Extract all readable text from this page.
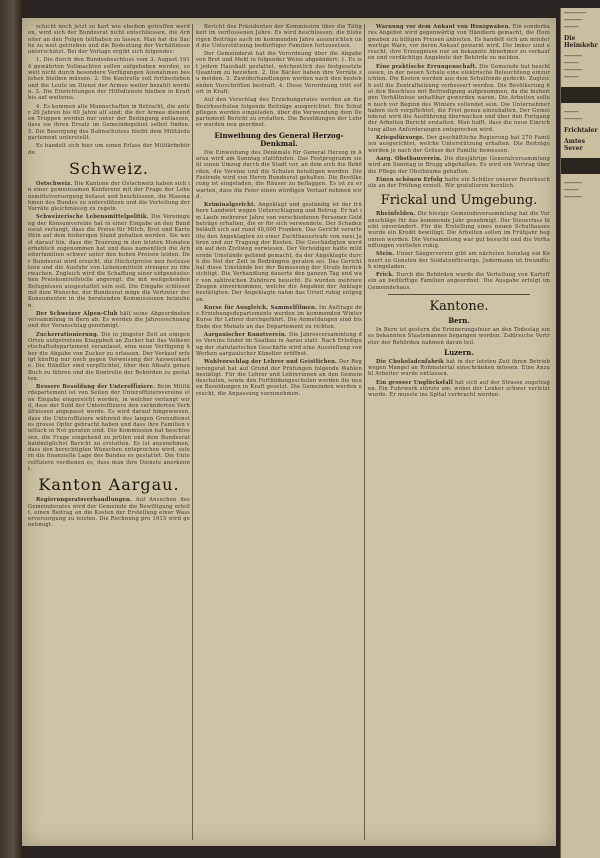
schicht noch jetzt so hart wie ehedem getroffen werden, wird sich der Bundesrat nicht entschliessen, die Arbeiter an den Folgen teilhaben zu lassen. Man hat die Sache zu weit getrieben und die Bedeutung der Verhältnisse unterschätzt. Bei der Vorlage ergibt sich folgendes:
1. Die durch den Bundesbeschluss vom 3. August 1914 gewährten Vollmachten sollen aufgehoben werden, soweit nicht durch besondere Verfügungen Ausnahmen bestehen bleiben müssen. 2. Die Kontrolle soll fortbestehen und die Leute im Dienst der Armee weiter bezahlt werden. 3. Die Einrichtungen der Hilfsdienste bleiben in Kraft bis auf weiteres.
4. Es kommen alle Mannschaften in Betracht, die unter 20 Jahren bis 60 Jahre alt sind; die der Armee dienenden Truppen werden nur unter der Bedingung entlassen, dass sie ihren Ersatz im Gemeindegebiet selbst finden. 5. Die Besorgung des Bahnschutzes bleibt dem Militärdepartement unterstellt.
Es handelt sich hier um einen Erlass der Militärbehörde.
Schweiz.
Ostschweiz. Die Kantone der Ostschweiz haben sich in einer gemeinsamen Konferenz mit der Frage der Lebensmittelversorgung befasst und beschlossen, die Massnahmen des Bundes zu unterstützen und die Verteilung der Vorräte gleichmässig zu regeln.
Schweizerische Lebensmittelpolitik. Die Vereinigung der Konsumvereine hat in einer Eingabe an den Bundesrat verlangt, dass die Preise für Milch, Brot und Kartoffeln auf dem bisherigen Stand gehalten werden. Sie weist darauf hin, dass die Teuerung in den letzten Monaten erheblich zugenommen hat und dass namentlich die Arbeiterfamilien schwer unter den hohen Preisen leiden. Der Bundesrat wird ersucht, die Höchstpreise neu festzusetzen und die Ausfuhr von Lebensmitteln strenger zu überwachen. Zugleich wird die Schaffung einer eidgenössischen Preiskontrollstelle angeregt, die mit weitgehenden Befugnissen ausgestattet sein soll. Die Eingabe schliesst mit dem Wunsche, der Bundesrat möge die Vertreter der Konsumenten in die beratenden Kommissionen beiziehen.
Der Schweizer Alpen-Club hält seine Abgeordnetenversammlung in Bern ab. Es werden die Jahresrechnung und der Voranschlag genehmigt.
Zuckerrationierung. Die in jüngster Zeit an einigen Orten aufgetretene Knappheit an Zucker hat das Volkswirtschaftsdepartement veranlasst, eine neue Verfügung über die Abgabe von Zucker zu erlassen. Der Verkauf erfolgt künftig nur noch gegen Vorweisung der Ausweiskarte. Die Händler sind verpflichtet, über den Absatz genau Buch zu führen und die Kontrolle der Behörden zu gestatten.
Bessere Besoldung der Unteroffiziere. Beim Militärdepartement ist von Seiten der Unteroffiziersvereine eine Eingabe eingereicht worden, in welcher verlangt wird, dass der Sold der Unteroffiziere den veränderten Verhältnissen angepasst werde. Es wird darauf hingewiesen, dass die Unteroffiziere während des langen Grenzdienstes grosse Opfer gebracht haben und dass ihre Familien vielfach in Not geraten sind. Die Kommission hat beschlossen, die Frage eingehend zu prüfen und dem Bundesrat baldmöglichst Bericht zu erstatten. Es ist anzunehmen, dass den berechtigten Wünschen entsprochen wird, sofern die finanzielle Lage des Bundes es gestattet. Die Unteroffiziere verdienen es, dass man ihre Dienste anerkennt.
Kanton Aargau.
Regierungsratsverhandlungen. Auf Ansuchen des Gemeinderates wird der Gemeinde die Bewilligung erteilt, einen Beitrag an die Kosten der Erstellung einer Wasserversorgung zu leisten. Die Rechnung pro 1915 wird genehmigt.
Bericht des Präsidenten der Kommission über die Tätigkeit im verflossenen Jahre. Es wird beschlossen, die bisherigen Beiträge auch im kommenden Jahre auszurichten und die Unterstützung bedürftiger Familien fortzusetzen.
Der Gemeinderat hat die Verordnung über die Abgabe von Brot und Mehl in folgender Weise abgeändert: 1. Es ist jedem Haushalt gestattet, wöchentlich das festgesetzte Quantum zu beziehen. 2. Die Bäcker haben ihre Vorräte zu melden. 3. Zuwiderhandlungen werden nach den bestehenden Vorschriften bestraft. 4. Diese Verordnung tritt sofort in Kraft.
Auf den Vorschlag des Erziehungsrates werden an die Bezirksschulen folgende Beiträge ausgerichtet. Die Schulpflegen werden eingeladen, über die Verwendung dem Departement Bericht zu erstatten. Die Besoldungen der Lehrer werden neu geordnet.
Einweihung des General Herzog-Denkmal.
Die Einweihung des Denkmals für General Herzog in Aarau wird am Sonntag stattfinden. Das Festprogramm sieht einen Umzug durch die Stadt vor, an dem sich die Behörden, die Vereine und die Schulen beteiligen werden. Die Festrede wird von Herrn Bundesrat gehalten. Die Bevölkerung ist eingeladen, die Häuser zu beflaggen. Es ist zu erwarten, dass die Feier einen würdigen Verlauf nehmen wird.
Kriminalgericht. Angeklagt und geständig ist der frühere Landwirt wegen Unterschlagung und Betrug. Er hat im Laufe mehrerer Jahre von verschiedenen Personen Geldbeträge erhalten, die er für sich verwendete. Der Schaden beläuft sich auf rund 40,000 Franken. Das Gericht verurteilte den Angeklagten zu einer Zuchthausstrafe von zwei Jahren und zur Tragung der Kosten. Die Geschädigten werden auf den Zivilweg verwiesen. Der Verteidiger hatte mildernde Umstände geltend gemacht, da der Angeklagte durch die Not der Zeit in Bedrängnis geraten sei. Das Gericht hat diese Umstände bei der Bemessung der Strafe berücksichtigt. Die Verhandlung dauerte den ganzen Tag und war von zahlreichen Zuhörern besucht. Es wurden mehrere Zeugen einvernommen, welche die Angaben der Anklage bestätigten. Der Angeklagte nahm das Urteil ruhig entgegen.
Kurse für Ausgleich, Sammelfilmen. Im Auftrage des Erziehungsdepartements werden im kommenden Winter Kurse für Lehrer durchgeführt. Die Anmeldungen sind bis Ende des Monats an das Departement zu richten.
Aargauischer Kunstverein. Die Jahresversammlung des Vereins findet im Saalbau in Aarau statt. Nach Erledigung der statutarischen Geschäfte wird eine Ausstellung von Werken aargauischer Künstler eröffnet.
Wahlvorschlag der Lehrer und Geistlichen. Der Regierungsrat hat auf Grund der Prüfungen folgende Wahlen bestätigt. Für die Lehrer und Lehrerinnen an den Gemeindeschulen, sowie den Fortbildungsschulen werden die neuen Besoldungen in Kraft gesetzt. Die Gemeinden werden ersucht, die Anpassung vorzunehmen.
Warnung vor dem Ankauf von Honigwaben. Ein sonderbares Angebot wird gegenwärtig von Händlern gemacht, die Honigwaben zu billigen Preisen anbieten. Es handelt sich um minderwertige Ware, vor deren Ankauf gewarnt wird. Die Imker sind ersucht, ihre Erzeugnisse nur an bekannte Abnehmer zu verkaufen und verdächtige Angebote der Behörde zu melden.
Eine praktische Errungenschaft. Die Gemeinde hat beschlossen, in der neuen Schule eine elektrische Beleuchtung einzurichten. Die Kosten werden aus dem Schulfonds gedeckt. Zugleich soll die Zentralheizung verbessert werden. Die Bevölkerung hat den Beschluss mit Befriedigung aufgenommen, da die bisherigen Verhältnisse unhaltbar geworden waren. Die Arbeiten sollen noch vor Beginn des Winters vollendet sein. Die Unternehmer haben sich verpflichtet, die Frist genau einzuhalten. Der Gemeinderat wird die Ausführung überwachen und über den Fortgang der Arbeiten Bericht erstatten. Man hofft, dass die neue Einrichtung allen Anforderungen entsprechen wird.
Kriegsfürsorge. Der geschäftliche Regierung hat 270 Familien ausgerichtet, welche Unterstützung erhalten. Die Beiträge werden je nach der Grösse der Familie bemessen.
Aarg. Obstbauverein. Die diesjährige Generalversammlung wird am Sonntag in Brugg abgehalten. Es wird ein Vortrag über die Pflege der Obstbäume gehalten.
Einen schönen Erfolg hatte ein Schüler unserer Bezirksschule an der Prüfung erzielt. Wir gratulieren herzlich.
Frickal und Umgebung.
Rheinfelden. Die hiesige Gemeindeversammlung hat die Voranschläge für das kommende Jahr genehmigt. Der Steuerfuss bleibt unverändert. Für die Erstellung eines neuen Schulhauses wurde ein Kredit bewilligt. Die Arbeiten sollen im Frühjahr begonnen werden. Die Versammlung war gut besucht und die Verhandlungen verliefen ruhig.
Stein. Unser Sängerverein gibt am nächsten Sonntag ein Konzert zu Gunsten der Soldatenfürsorge. Jedermann ist freundlich eingeladen.
Frick. Durch die Behörden wurde die Verteilung von Kartoffeln an bedürftige Familien angeordnet. Die Ausgabe erfolgt im Gemeindehaus.
Kantone.
Bern.
In Bern ist gestern die Erinnerungsfeier an den Todestag eines bekannten Staatsmannes begangen worden. Zahlreiche Vertreter der Behörden nahmen daran teil.
Luzern.
Die Chokoladenfabrik hat in der letzten Zeit ihren Betrieb wegen Mangel an Rohmaterial einschränken müssen. Eine Anzahl Arbeiter wurde entlassen.
Ein grosser Unglücksfall hat sich auf der Strasse zugetragen. Ein Fuhrwerk stürzte um, wobei der Lenker schwer verletzt wurde. Er musste ins Spital verbracht werden.
──────
─────
────
Die Heimkehr
─────
────
─────
────
────
─────
Frichtaler
Amtes Sever
─────
────
─────
